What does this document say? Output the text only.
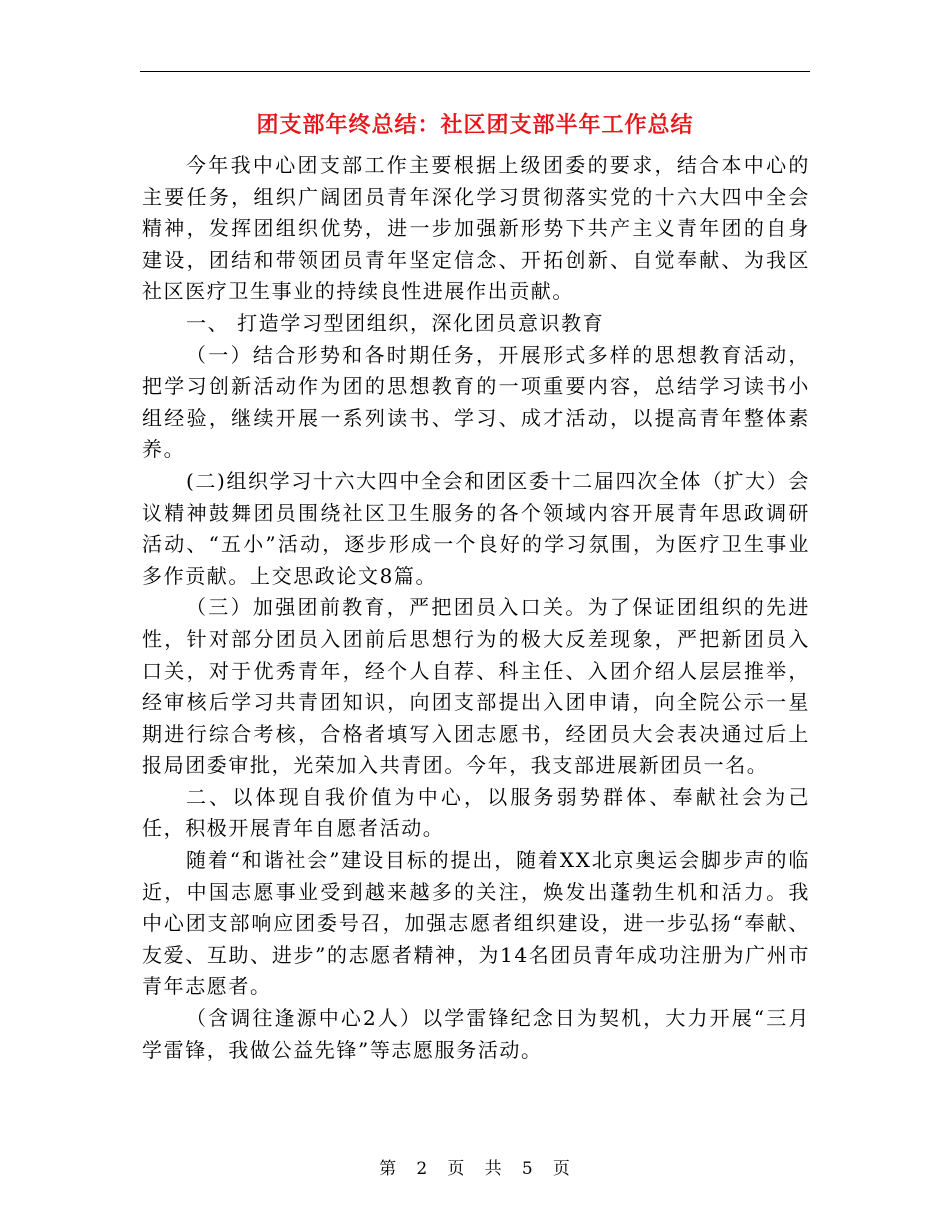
团支部年终总结：社区团支部半年工作总结

今年我中心团支部工作主要根据上级团委的要求，结合本中心的主要任务，组织广阔团员青年深化学习贯彻落实党的十六大四中全会精神，发挥团组织优势，进一步加强新形势下共产主义青年团的自身建设，团结和带领团员青年坚定信念、开拓创新、自觉奉献、为我区社区医疗卫生事业的持续良性进展作出贡献。

一、 打造学习型团组织，深化团员意识教育

（一）结合形势和各时期任务，开展形式多样的思想教育活动，把学习创新活动作为团的思想教育的一项重要内容，总结学习读书小组经验，继续开展一系列读书、学习、成才活动，以提高青年整体素养。

(二)组织学习十六大四中全会和团区委十二届四次全体（扩大）会议精神鼓舞团员围绕社区卫生服务的各个领域内容开展青年思政调研活动、“五小”活动，逐步形成一个良好的学习氛围，为医疗卫生事业多作贡献。上交思政论文8篇。

（三）加强团前教育，严把团员入口关。为了保证团组织的先进性，针对部分团员入团前后思想行为的极大反差现象，严把新团员入口关，对于优秀青年，经个人自荐、科主任、入团介绍人层层推举，经审核后学习共青团知识，向团支部提出入团申请，向全院公示一星期进行综合考核，合格者填写入团志愿书，经团员大会表决通过后上报局团委审批，光荣加入共青团。今年，我支部进展新团员一名。

二、以体现自我价值为中心，以服务弱势群体、奉献社会为己任，积极开展青年自愿者活动。

随着“和谐社会”建设目标的提出，随着XX北京奥运会脚步声的临近，中国志愿事业受到越来越多的关注，焕发出蓬勃生机和活力。我中心团支部响应团委号召，加强志愿者组织建设，进一步弘扬“奉献、友爱、互助、进步”的志愿者精神，为14名团员青年成功注册为广州市青年志愿者。

（含调往逢源中心2人）以学雷锋纪念日为契机，大力开展“三月学雷锋，我做公益先锋”等志愿服务活动。

第 2 页 共 5 页
